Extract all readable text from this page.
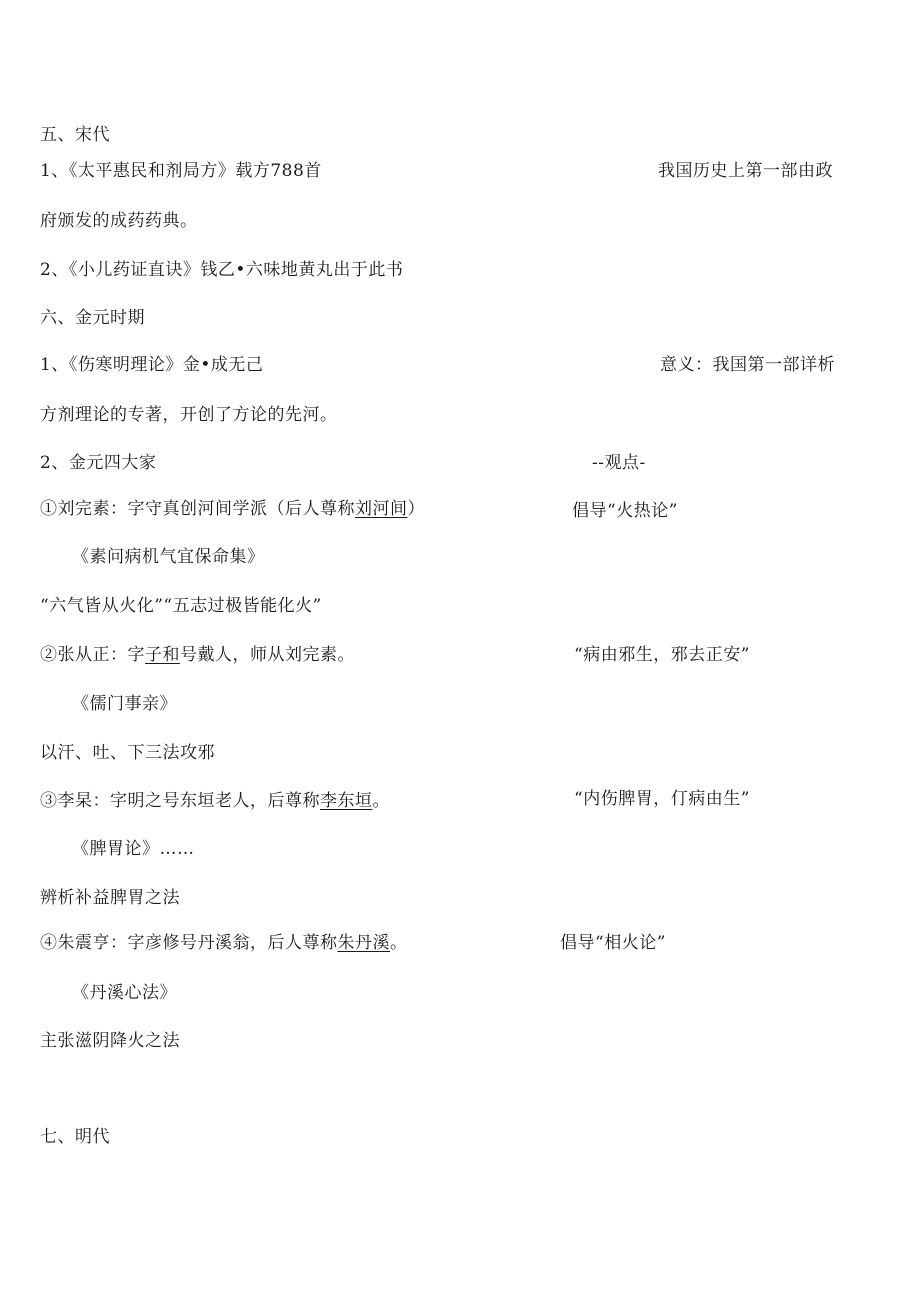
五、宋代
1、《太平惠民和剂局方》载方788首	我国历史上第一部由政
府颁发的成药药典。
2、《小儿药证直诀》钱乙•六味地黄丸出于此书
六、金元时期
1、《伤寒明理论》金•成无己	意义：我国第一部详析
方剂理论的专著，开创了方论的先河。
2、金元四大家	--观点-
①刘完素：字守真创河间学派（后人尊称刘河间）	倡导“火热论”
《素问病机气宜保命集》
“六气皆从火化”“五志过极皆能化火”
②张从正：字子和号戴人，师从刘完素。	“病由邪生，邪去正安”
《儒门事亲》
以汗、吐、下三法攻邪
③李杲：字明之号东垣老人，后尊称李东垣。	“内伤脾胃，仃病由生”
《脾胃论》……
辨析补益脾胃之法
④朱震亨：字彦修号丹溪翁，后人尊称朱丹溪。	倡导“相火论”
《丹溪心法》
主张滋阴降火之法
七、明代
